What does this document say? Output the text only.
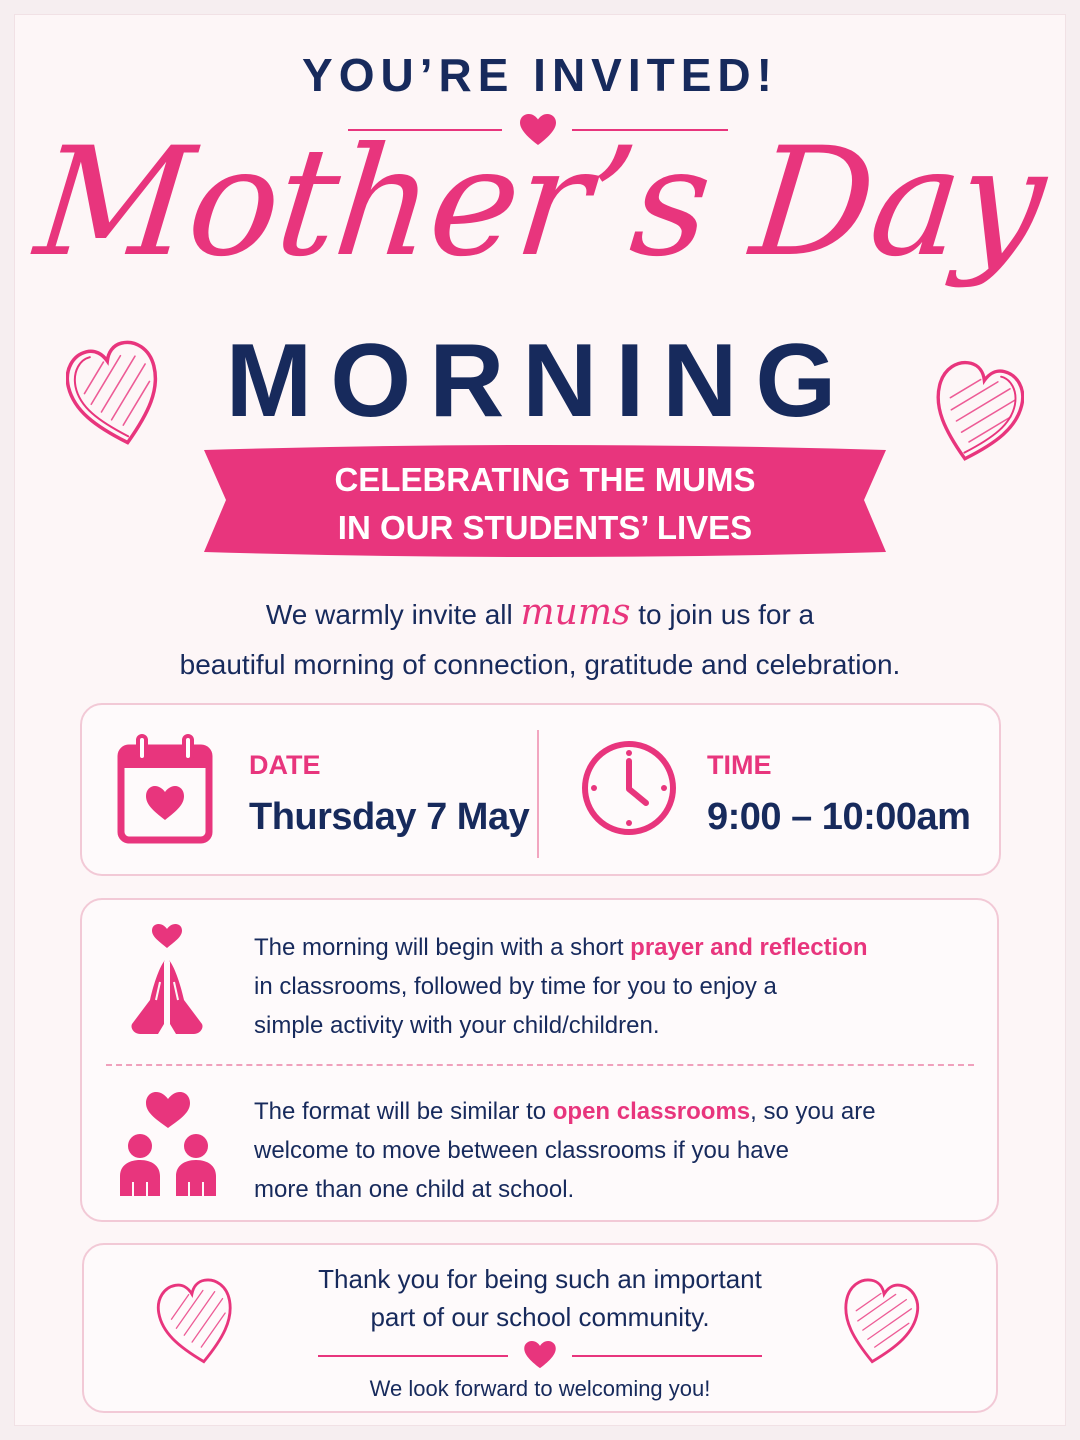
YOU’RE INVITED!
Mother’s Day
MORNING
CELEBRATING THE MUMS
IN OUR STUDENTS’ LIVES
We warmly invite all mums to join us for a
beautiful morning of connection, gratitude and celebration.
DATE
Thursday 7 May
TIME
9:00 – 10:00am
The morning will begin with a short prayer and reflection
in classrooms, followed by time for you to enjoy a
simple activity with your child/children.
The format will be similar to open classrooms, so you are
welcome to move between classrooms if you have
more than one child at school.
Thank you for being such an important
part of our school community.
We look forward to welcoming you!
